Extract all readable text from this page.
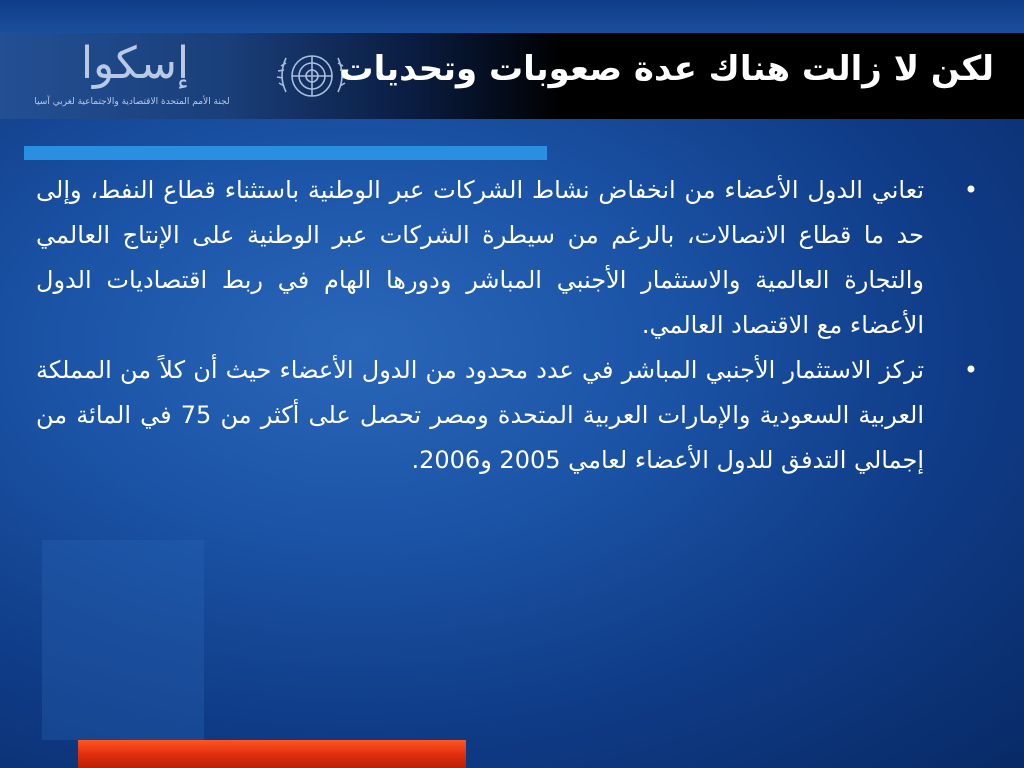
إسكوا
لجنة الأمم المتحدة الاقتصادية والاجتماعية لغربي آسيا
لكن لا زالت هناك عدة صعوبات وتحديات
•
تعاني الدول الأعضاء من انخفاض نشاط الشركات عبر الوطنية باستثناء قطاع النفط، وإلى حد ما قطاع الاتصالات، بالرغم من سيطرة الشركات عبر الوطنية على الإنتاج العالمي والتجارة العالمية والاستثمار الأجنبي المباشر ودورها الهام في ربط اقتصاديات الدول الأعضاء مع الاقتصاد العالمي.
•
تركز الاستثمار الأجنبي المباشر في عدد محدود من الدول الأعضاء حيث أن كلاً من المملكة العربية السعودية والإمارات العربية المتحدة ومصر تحصل على أكثر من 75 في المائة من إجمالي التدفق للدول الأعضاء لعامي 2005 و2006.
